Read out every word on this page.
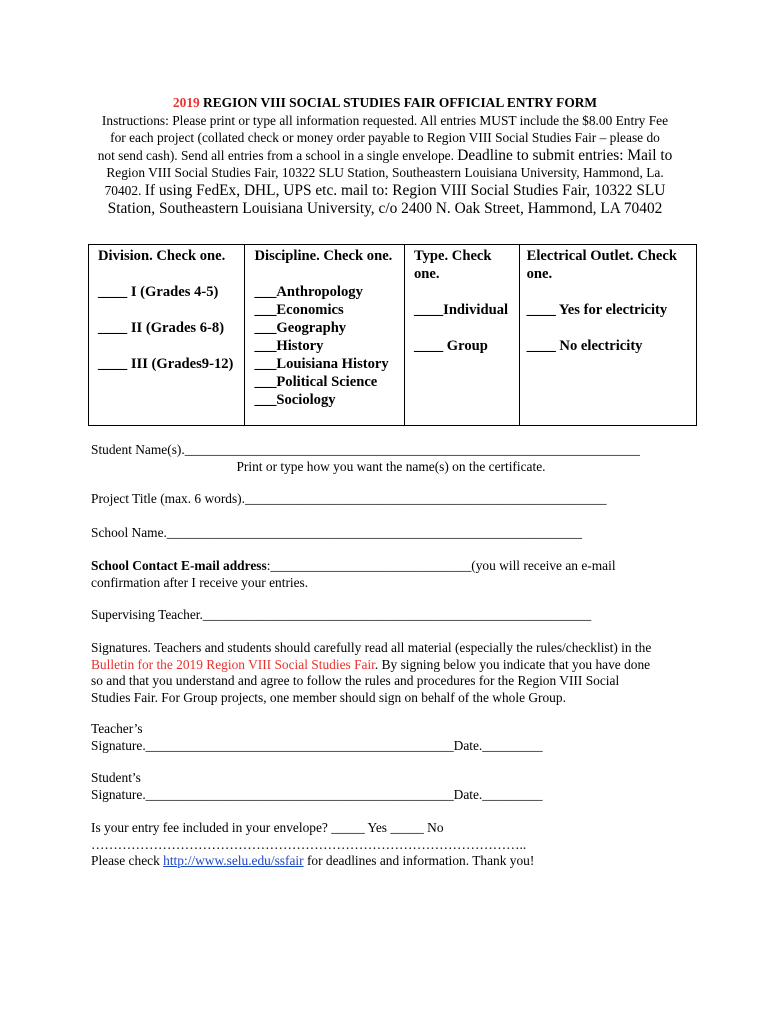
2019 REGION VIII SOCIAL STUDIES FAIR OFFICIAL ENTRY FORM
Instructions: Please print or type all information requested. All entries MUST include the $8.00 Entry Fee
for each project (collated check or money order payable to Region VIII Social Studies Fair – please do
not send cash). Send all entries from a school in a single envelope. Deadline to submit entries: Mail to
Region VIII Social Studies Fair, 10322 SLU Station, Southeastern Louisiana University, Hammond, La.
70402. If using FedEx, DHL, UPS etc. mail to: Region VIII Social Studies Fair, 10322 SLU
Station, Southeastern Louisiana University, c/o 2400 N. Oak Street, Hammond, LA 70402
Division. Check one.
____ I (Grades 4-5)
____ II (Grades 6-8)
____ III (Grades9-12)
Discipline. Check one.
___Anthropology
___Economics
___Geography
___History
___Louisiana History
___Political Science
___Sociology
Type. Check
one.
____Individual
____ Group
Electrical Outlet. Check
one.
____ Yes for electricity
____ No electricity
Student Name(s).____________________________________________________________________
Print or type how you want the name(s) on the certificate.
Project Title (max. 6 words).______________________________________________________
School Name.______________________________________________________________
School Contact E-mail address:______________________________(you will receive an e-mail
confirmation after I receive your entries.
Supervising Teacher.__________________________________________________________
Signatures. Teachers and students should carefully read all material (especially the rules/checklist) in the
Bulletin for the 2019 Region VIII Social Studies Fair. By signing below you indicate that you have done
so and that you understand and agree to follow the rules and procedures for the Region VIII Social
Studies Fair. For Group projects, one member should sign on behalf of the whole Group.
Teacher’s
Signature.______________________________________________Date._________
Student’s
Signature.______________________________________________Date._________
Is your entry fee included in your envelope? _____ Yes _____ No
……………………………………………………………………………………..
Please check http://www.selu.edu/ssfair for deadlines and information. Thank you!
